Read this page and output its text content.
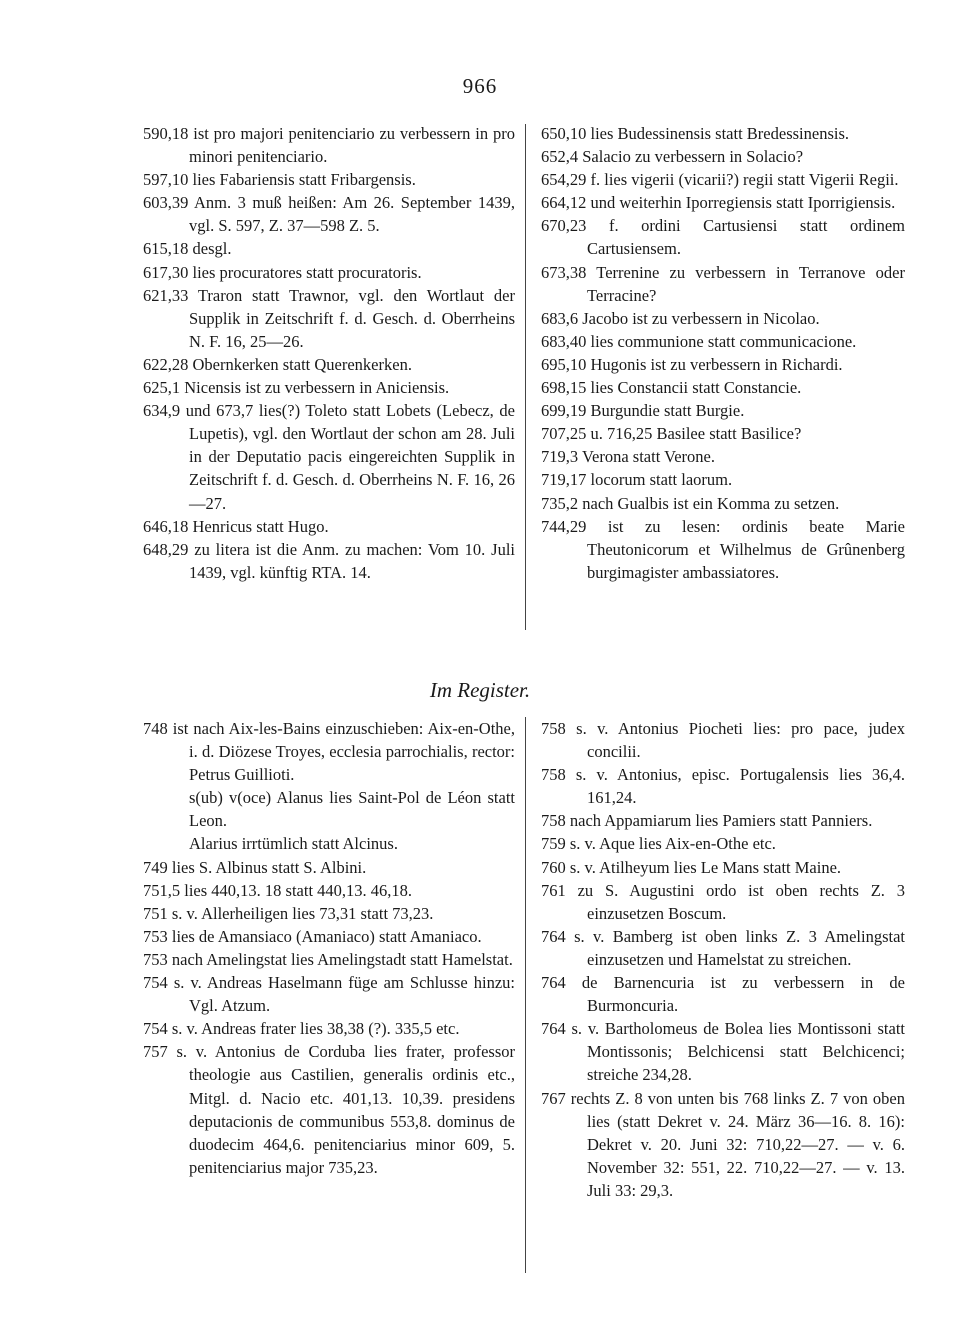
966
590,18 ist pro majori penitenciario zu verbessern in pro minori penitenciario.
597,10 lies Fabariensis statt Fribargensis.
603,39 Anm. 3 muß heißen: Am 26. September 1439, vgl. S. 597, Z. 37—598 Z. 5.
615,18 desgl.
617,30 lies procuratores statt procuratoris.
621,33 Traron statt Trawnor, vgl. den Wortlaut der Supplik in Zeitschrift f. d. Gesch. d. Oberrheins N. F. 16, 25—26.
622,28 Obernkerken statt Querenkerken.
625,1 Nicensis ist zu verbessern in Aniciensis.
634,9 und 673,7 lies(?) Toleto statt Lobets (Lebecz, de Lupetis), vgl. den Wortlaut der schon am 28. Juli in der Deputatio pacis eingereichten Supplik in Zeitschrift f. d. Gesch. d. Oberrheins N. F. 16, 26—27.
646,18 Henricus statt Hugo.
648,29 zu litera ist die Anm. zu machen: Vom 10. Juli 1439, vgl. künftig RTA. 14.
650,10 lies Budessinensis statt Bredessinensis.
652,4 Salacio zu verbessern in Solacio?
654,29 f. lies vigerii (vicarii?) regii statt Vigerii Regii.
664,12 und weiterhin Iporregiensis statt Iporrigiensis.
670,23 f. ordini Cartusiensi statt ordinem Cartusiensem.
673,38 Terrenine zu verbessern in Terranove oder Terracine?
683,6 Jacobo ist zu verbessern in Nicolao.
683,40 lies communione statt communicacione.
695,10 Hugonis ist zu verbessern in Richardi.
698,15 lies Constancii statt Constancie.
699,19 Burgundie statt Burgie.
707,25 u. 716,25 Basilee statt Basilice?
719,3 Verona statt Verone.
719,17 locorum statt laorum.
735,2 nach Gualbis ist ein Komma zu setzen.
744,29 ist zu lesen: ordinis beate Marie Theutonicorum et Wilhelmus de Grûnenberg burgimagister ambassiatores.
Im Register.
748 ist nach Aix-les-Bains einzuschieben: Aix-en-Othe, i. d. Diözese Troyes, ecclesia parrochialis, rector: Petrus Guillioti.
s(ub) v(oce) Alanus lies Saint-Pol de Léon statt Leon.
Alarius irrtümlich statt Alcinus.
749 lies S. Albinus statt S. Albini.
751,5 lies 440,13. 18 statt 440,13. 46,18.
751 s. v. Allerheiligen lies 73,31 statt 73,23.
753 lies de Amansiaco (Amaniaco) statt Amaniaco.
753 nach Amelingstat lies Amelingstadt statt Hamelstat.
754 s. v. Andreas Haselmann füge am Schlusse hinzu: Vgl. Atzum.
754 s. v. Andreas frater lies 38,38 (?). 335,5 etc.
757 s. v. Antonius de Corduba lies frater, professor theologie aus Castilien, generalis ordinis etc., Mitgl. d. Nacio etc. 401,13. 10,39. presidens deputacionis de communibus 553,8. dominus de duodecim 464,6. penitenciarius minor 609, 5. penitenciarius major 735,23.
758 s. v. Antonius Piocheti lies: pro pace, judex concilii.
758 s. v. Antonius, episc. Portugalensis lies 36,4. 161,24.
758 nach Appamiarum lies Pamiers statt Panniers.
759 s. v. Aque lies Aix-en-Othe etc.
760 s. v. Atilheyum lies Le Mans statt Maine.
761 zu S. Augustini ordo ist oben rechts Z. 3 einzusetzen Boscum.
764 s. v. Bamberg ist oben links Z. 3 Amelingstat einzusetzen und Hamelstat zu streichen.
764 de Barnencuria ist zu verbessern in de Burmoncuria.
764 s. v. Bartholomeus de Bolea lies Montissoni statt Montissonis; Belchicensi statt Belchicenci; streiche 234,28.
767 rechts Z. 8 von unten bis 768 links Z. 7 von oben lies (statt Dekret v. 24. März 36—16. 8. 16): Dekret v. 20. Juni 32: 710,22—27. — v. 6. November 32: 551, 22. 710,22—27. — v. 13. Juli 33: 29,3.
